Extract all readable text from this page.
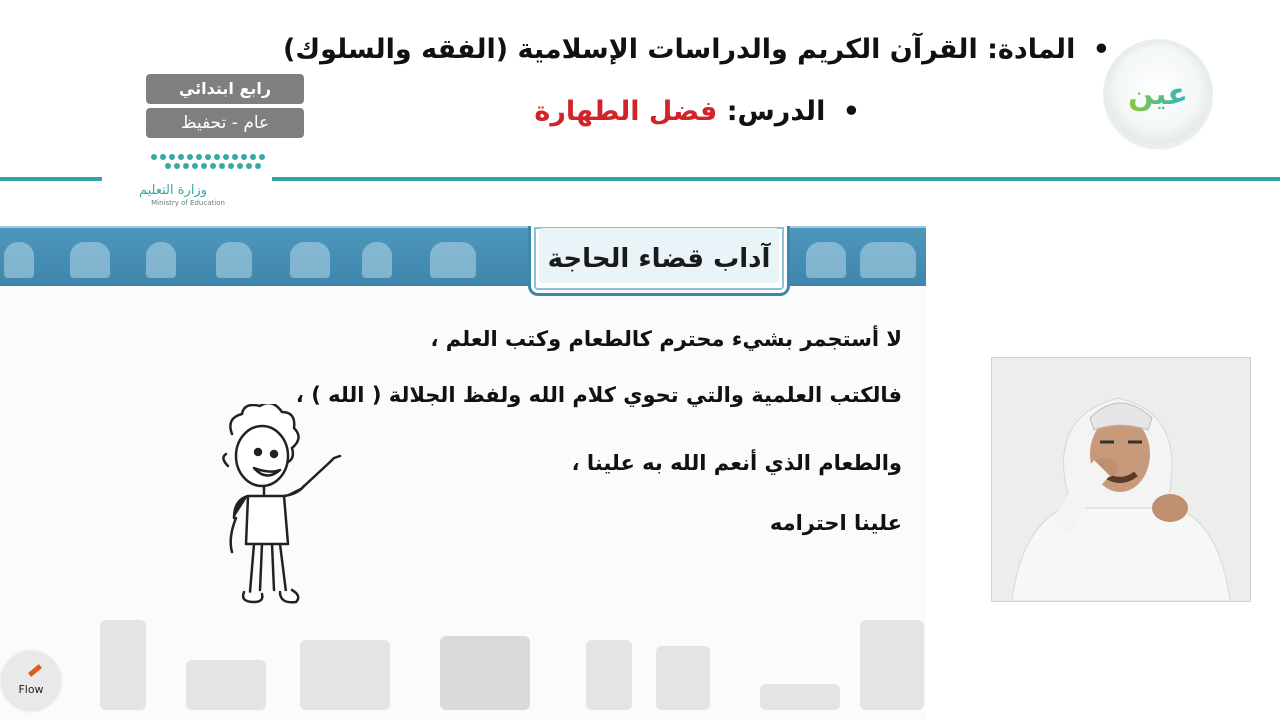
• المادة: القرآن الكريم والدراسات الإسلامية (الفقه والسلوك)
• الدرس: فضل الطهارة	عين
رابع ابتدائي
عام - تحفيظ
وزارة التعليم
Ministry of Education
آداب قضاء الحاجة
لا أستجمر بشيء محترم كالطعام وكتب العلم ،
فالكتب العلمية والتي تحوي كلام الله ولفظ الجلالة ( الله ) ،
والطعام الذي أنعم الله به علينا ،
علينا احترامه
Flow
